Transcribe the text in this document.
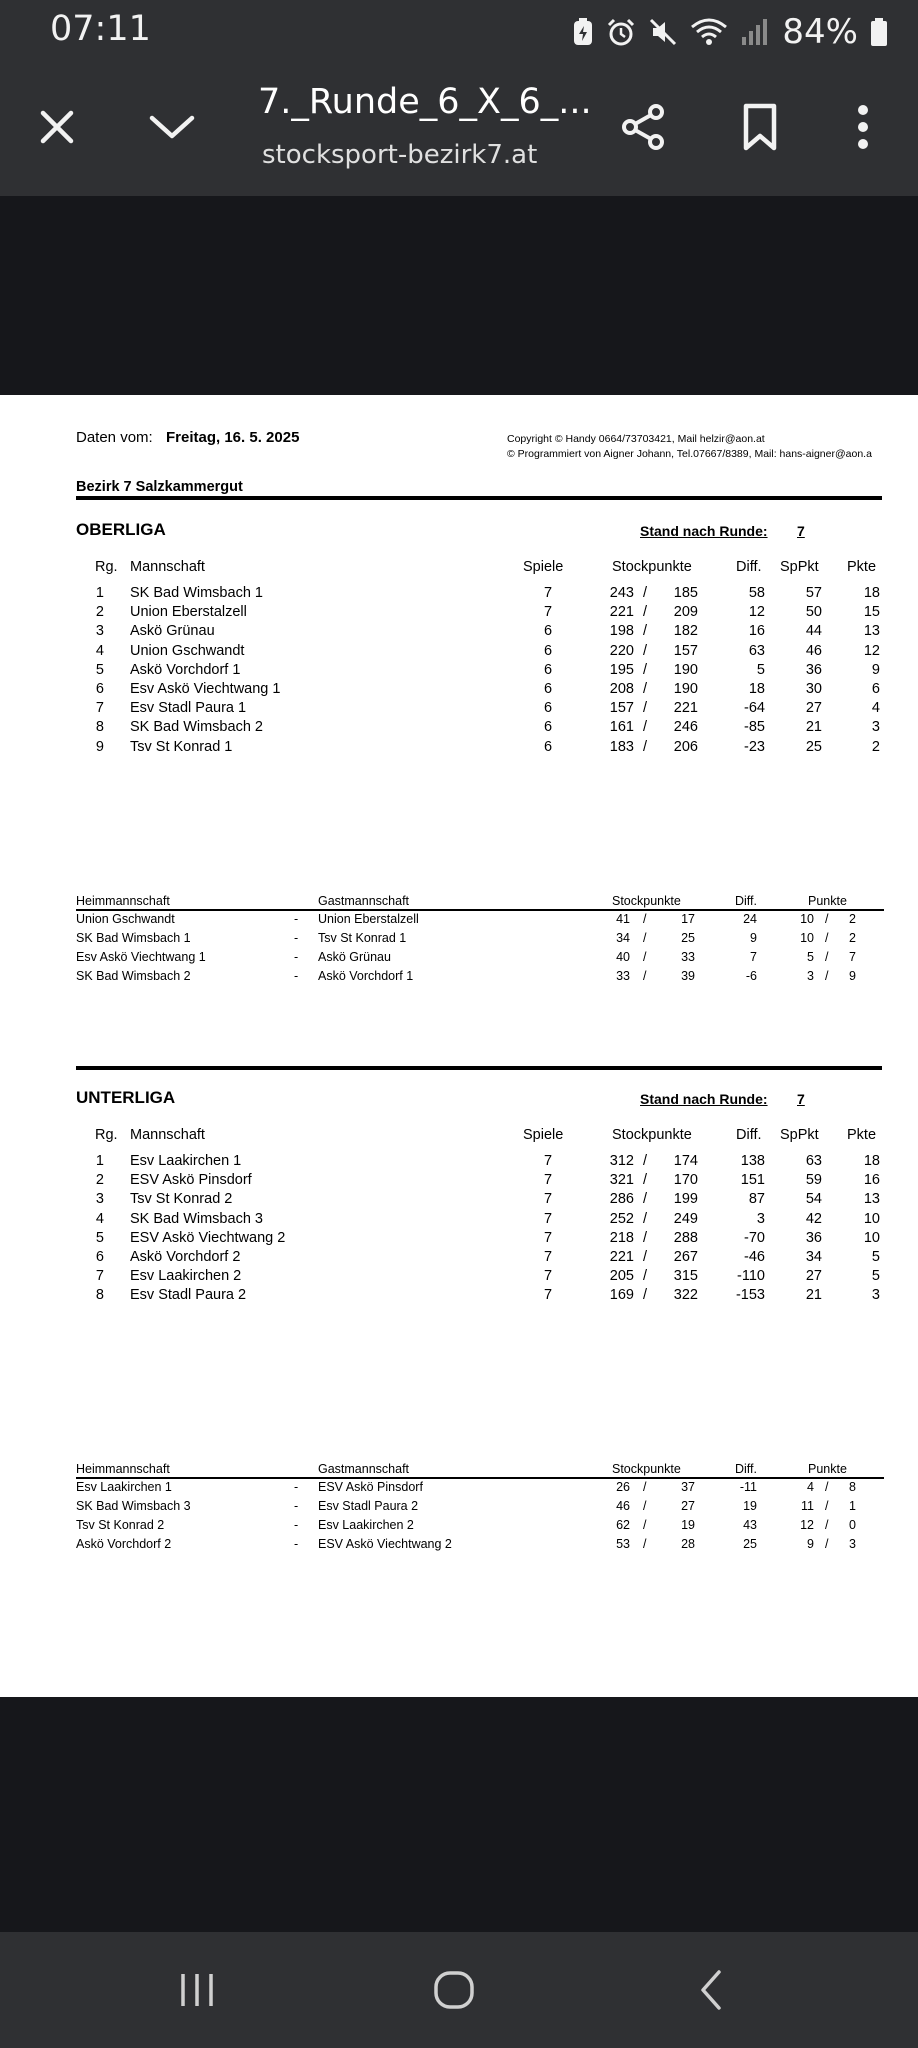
07:11	84%
7._Runde_6_X_6_...
stocksport-bezirk7.at
Daten vom: Freitag, 16. 5. 2025	Copyright © Handy 0664/73703421, Mail helzir@aon.at
© Programmiert von Aigner Johann, Tel.07667/8389, Mail: hans-aigner@aon.a
Bezirk 7 Salzkammergut
OBERLIGA	Stand nach Runde: 7
Rg. Mannschaft	Spiele	Stockpunkte	Diff. SpPkt Pkte
1 SK Bad Wimsbach 1	7	243 /	185	58	57	18
2 Union Eberstalzell	7	221 /	209	12	50	15
3 Askö Grünau	6	198 /	182	16	44	13
4 Union Gschwandt	6	220 /	157	63	46	12
5 Askö Vorchdorf 1	6	195 /	190	5	36	9
6 Esv Askö Viechtwang 1	6	208 /	190	18	30	6
7 Esv Stadl Paura 1	6	157 /	221	-64	27	4
8 SK Bad Wimsbach 2	6	161 /	246	-85	21	3
9 Tsv St Konrad 1	6	183 /	206	-23	25	2
Heimmannschaft	Gastmannschaft	Stockpunkte	Diff.	Punkte
Union Gschwandt	- Union Eberstalzell	41 /	17	24	10 /	2
SK Bad Wimsbach 1	- Tsv St Konrad 1	34 /	25	9	10 /	2
Esv Askö Viechtwang 1	- Askö Grünau	40 /	33	7	5 /	7
SK Bad Wimsbach 2	- Askö Vorchdorf 1	33 /	39	-6	3 /	9
UNTERLIGA	Stand nach Runde: 7
Rg. Mannschaft	Spiele	Stockpunkte	Diff. SpPkt Pkte
1 Esv Laakirchen 1	7	312 /	174	138	63	18
2 ESV Askö Pinsdorf	7	321 /	170	151	59	16
3 Tsv St Konrad 2	7	286 /	199	87	54	13
4 SK Bad Wimsbach 3	7	252 /	249	3	42	10
5 ESV Askö Viechtwang 2	7	218 /	288	-70	36	10
6 Askö Vorchdorf 2	7	221 /	267	-46	34	5
7 Esv Laakirchen 2	7	205 /	315	-110	27	5
8 Esv Stadl Paura 2	7	169 /	322	-153	21	3
Heimmannschaft	Gastmannschaft	Stockpunkte	Diff.	Punkte
Esv Laakirchen 1	- ESV Askö Pinsdorf	26 /	37	-11	4 /	8
SK Bad Wimsbach 3	- Esv Stadl Paura 2	46 /	27	19	11 /	1
Tsv St Konrad 2	- Esv Laakirchen 2	62 /	19	43	12 /	0
Askö Vorchdorf 2	- ESV Askö Viechtwang 2	53 /	28	25	9 /	3
